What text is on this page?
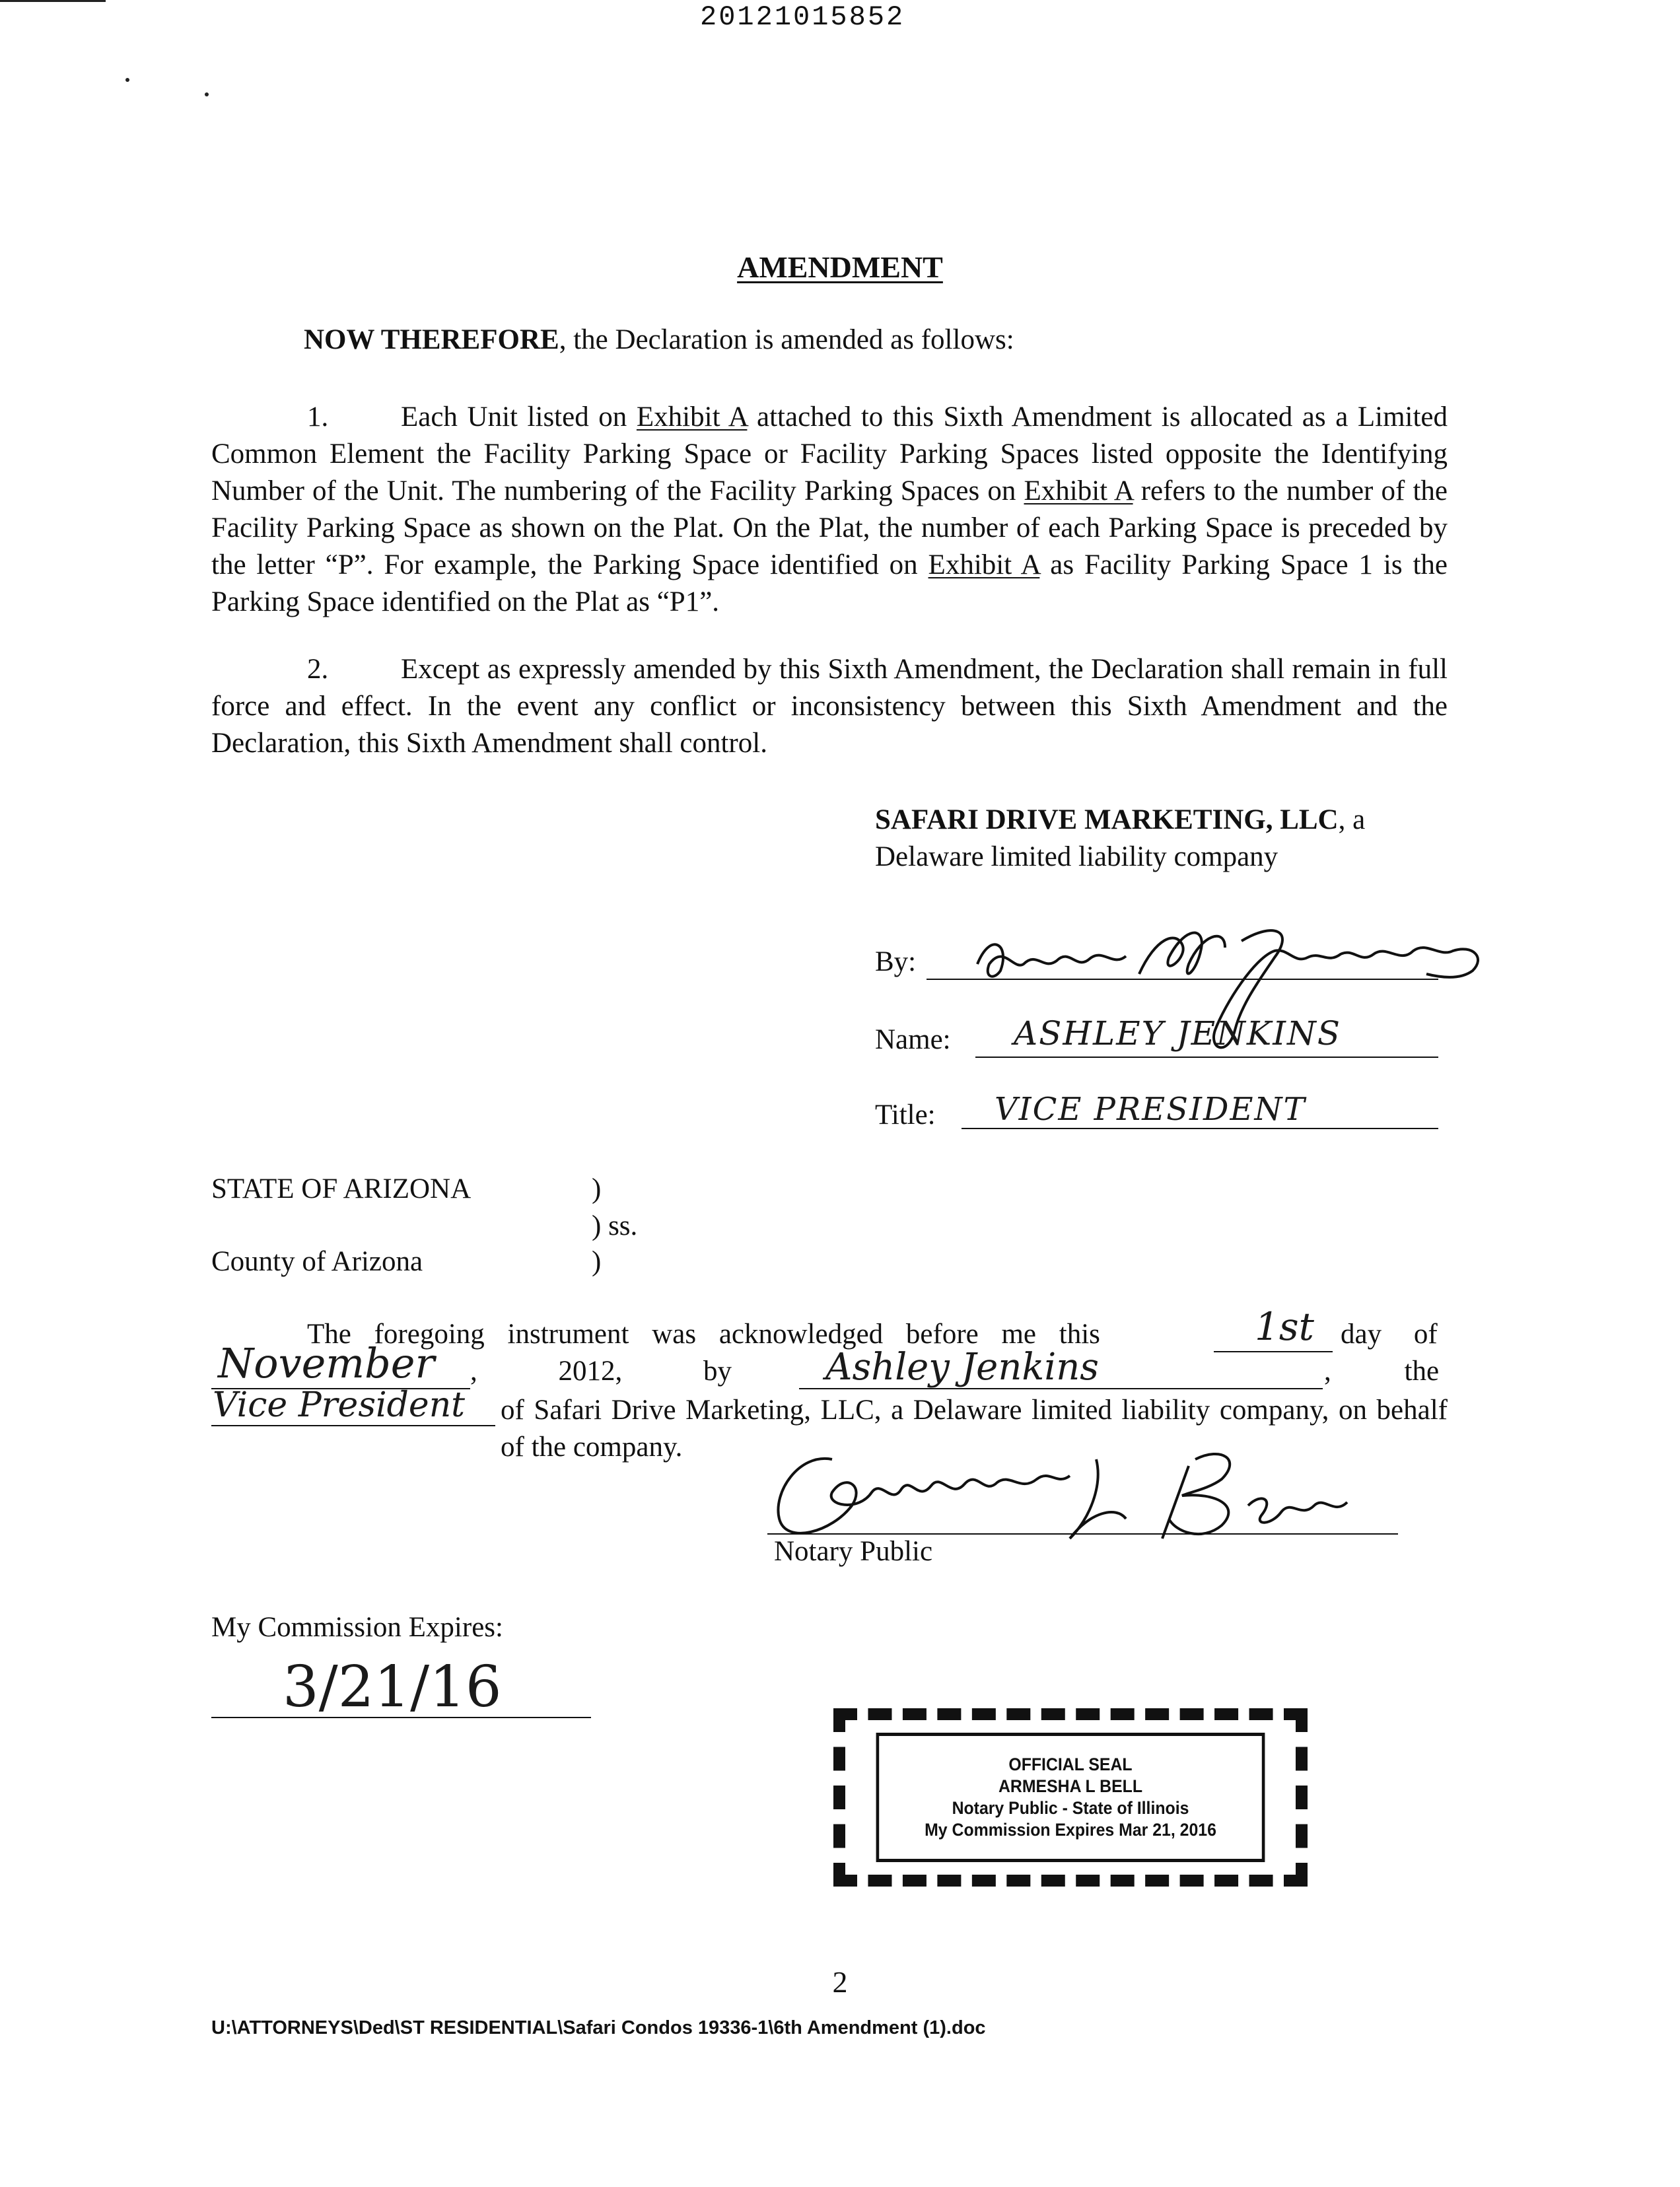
20121015852
AMENDMENT
NOW THEREFORE, the Declaration is amended as follows:
1.	Each Unit listed on Exhibit A attached to this Sixth Amendment is allocated as a Limited Common Element the Facility Parking Space or Facility Parking Spaces listed opposite the Identifying Number of the Unit. The numbering of the Facility Parking Spaces on Exhibit A refers to the number of the Facility Parking Space as shown on the Plat. On the Plat, the number of each Parking Space is preceded by the letter “P”. For example, the Parking Space identified on Exhibit A as Facility Parking Space 1 is the Parking Space identified on the Plat as “P1”.
2.	Except as expressly amended by this Sixth Amendment, the Declaration shall remain in full force and effect. In the event any conflict or inconsistency between this Sixth Amendment and the Declaration, this Sixth Amendment shall control.
SAFARI DRIVE MARKETING, LLC, a
Delaware limited liability company
By:
Name: ASHLEY JENKINS
Title: VICE PRESIDENT
STATE OF ARIZONA	)
) ss.
County of Arizona	)
The foregoing instrument was acknowledged before me this	1st day of
November , 2012, by	Ashley Jenkins	, the
Vice President of Safari Drive Marketing, LLC, a Delaware limited liability company, on behalf of the company.
Notary Public
My Commission Expires:
3/21/16
OFFICIAL SEAL
ARMESHA L BELL
Notary Public - State of Illinois
My Commission Expires Mar 21, 2016
2
U:\ATTORNEYS\Ded\ST RESIDENTIAL\Safari Condos 19336-1\6th Amendment (1).doc
